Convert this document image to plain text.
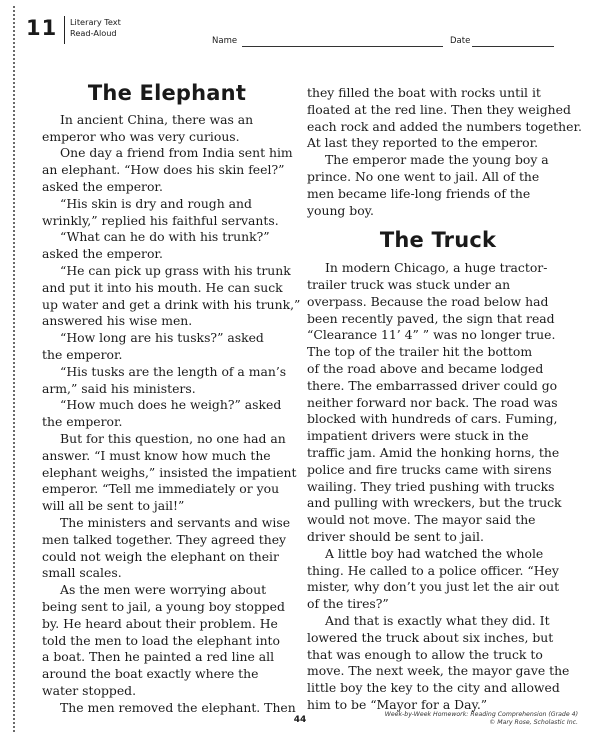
11 Literary Text
Read-Aloud
Name	Date
The Elephant

In ancient China, there was an

emperor who was very curious.

One day a friend from India sent him

an elephant. “How does his skin feel?”

asked the emperor.

“His skin is dry and rough and

wrinkly,” replied his faithful servants.

“What can he do with his trunk?”

asked the emperor.

“He can pick up grass with his trunk

and put it into his mouth. He can suck

up water and get a drink with his trunk,”

answered his wise men.

“How long are his tusks?” asked

the emperor.

“His tusks are the length of a man’s

arm,” said his ministers.

“How much does he weigh?” asked

the emperor.

But for this question, no one had an

answer. “I must know how much the

elephant weighs,” insisted the impatient

emperor. “Tell me immediately or you

will all be sent to jail!”

The ministers and servants and wise

men talked together. They agreed they

could not weigh the elephant on their

small scales.

As the men were worrying about

being sent to jail, a young boy stopped

by. He heard about their problem. He

told the men to load the elephant into

a boat. Then he painted a red line all

around the boat exactly where the

water stopped.

The men removed the elephant. Then

they filled the boat with rocks until it

floated at the red line. Then they weighed

each rock and added the numbers together.

At last they reported to the emperor.

The emperor made the young boy a

prince. No one went to jail. All of the

men became life-long friends of the

young boy.

The Truck

In modern Chicago, a huge tractor-

trailer truck was stuck under an

overpass. Because the road below had

been recently paved, the sign that read

“Clearance 11’ 4” ” was no longer true.

The top of the trailer hit the bottom

of the road above and became lodged

there. The embarrassed driver could go

neither forward nor back. The road was

blocked with hundreds of cars. Fuming,

impatient drivers were stuck in the

traffic jam. Amid the honking horns, the

police and fire trucks came with sirens

wailing. They tried pushing with trucks

and pulling with wreckers, but the truck

would not move. The mayor said the

driver should be sent to jail.

A little boy had watched the whole

thing. He called to a police officer. “Hey

mister, why don’t you just let the air out

of the tires?”

And that is exactly what they did. It

lowered the truck about six inches, but

that was enough to allow the truck to

move. The next week, the mayor gave the

little boy the key to the city and allowed

him to be “Mayor for a Day.”

44
Week-by-Week Homework: Reading Comprehension (Grade 4)
© Mary Rose, Scholastic Inc.
